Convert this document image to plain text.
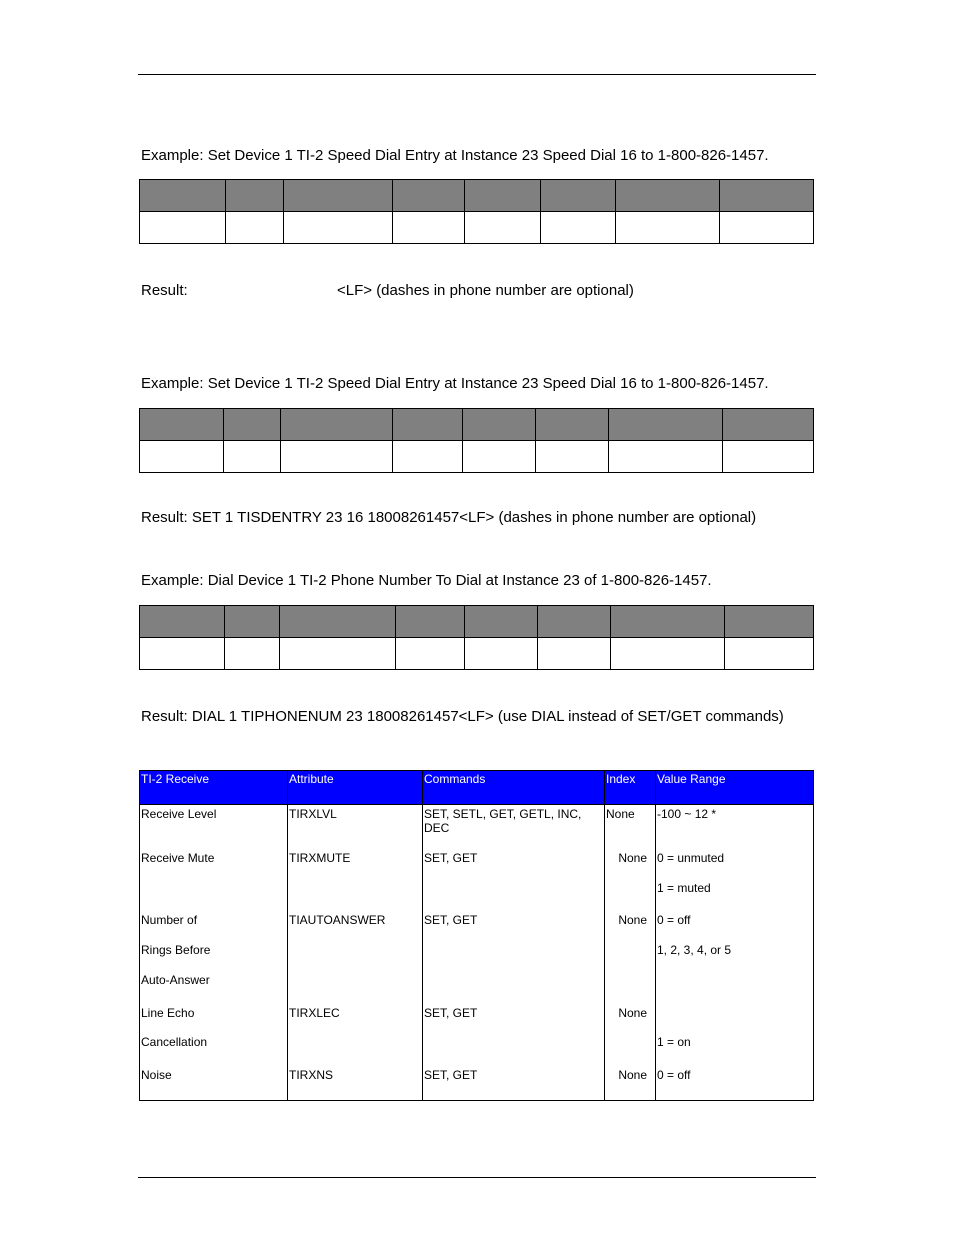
Example: Set Device 1 TI-2 Speed Dial Entry at Instance 23 Speed Dial 16 to 1-800-826-1457.

Result:	<LF> (dashes in phone number are optional)
Example: Set Device 1 TI-2 Speed Dial Entry at Instance 23 Speed Dial 16 to 1-800-826-1457.

Result: SET 1 TISDENTRY 23 16 18008261457<LF> (dashes in phone number are optional)
Example: Dial Device 1 TI-2 Phone Number To Dial at Instance 23 of 1-800-826-1457.

Result: DIAL 1 TIPHONENUM 23 18008261457<LF> (use DIAL instead of SET/GET commands)
TI-2 Receive	Attribute	Commands	Index	Value Range
Receive Level	TIRXLVL	SET, SETL, GET, GETL, INC, DEC	None	-100 ~ 12 *
Receive Mute	TIRXMUTE	SET, GET	None	0 = unmuted
				1 = muted
Number of	TIAUTOANSWER	SET, GET	None	0 = off
Rings Before				1, 2, 3, 4, or 5
Auto-Answer				
Line Echo	TIRXLEC	SET, GET	None	
Cancellation				1 = on
Noise	TIRXNS	SET, GET	None	0 = off
